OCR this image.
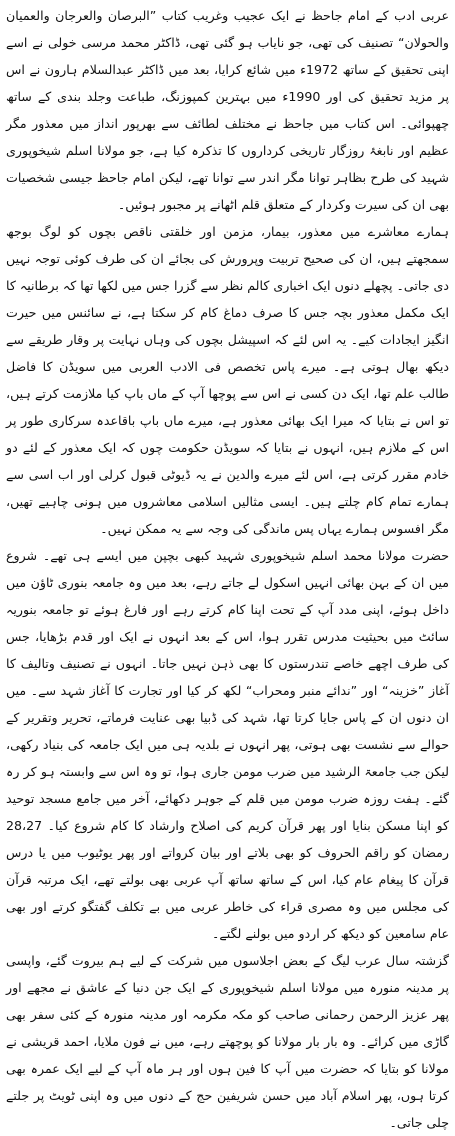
عربی ادب کے امام جاحظ نے ایک عجیب وغریب کتاب ”البرصان والعرجان والعمیان والحولان“ تصنیف کی تھی، جو نایاب ہو گئی تھی، ڈاکٹر محمد مرسی خولی نے اسے اپنی تحقیق کے ساتھ 1972ء میں شائع کرایا، بعد میں ڈاکٹر عبدالسلام ہارون نے اس پر مزید تحقیق کی اور 1990ء میں بہترین کمپوزنگ، طباعت وجلد بندی کے ساتھ چھپوائی۔ اس کتاب میں جاحظ نے مختلف لطائف سے بھرپور انداز میں معذور مگر عظیم اور نابغۂ روزگار تاریخی کرداروں کا تذکرہ کیا ہے، جو مولانا اسلم شیخوپوری شہید کی طرح بظاہر توانا مگر اندر سے توانا تھے، لیکن امام جاحظ جیسی شخصیات بھی ان کی سیرت وکردار کے متعلق قلم اٹھانے پر مجبور ہوئیں۔

ہمارے معاشرے میں معذور، بیمار، مزمن اور خلقتی ناقص بچوں کو لوگ بوجھ سمجھتے ہیں، ان کی صحیح تربیت وپرورش کی بجائے ان کی طرف کوئی توجہ نہیں دی جاتی۔ پچھلے دنوں ایک اخباری کالم نظر سے گزرا جس میں لکھا تھا کہ برطانیہ کا ایک مکمل معذور بچہ جس کا صرف دماغ کام کر سکتا ہے، نے سائنس میں حیرت انگیز ایجادات کیے۔ یہ اس لئے کہ اسپیشل بچوں کی وہاں نہایت پر وقار طریقے سے دیکھ بھال ہوتی ہے۔ میرے پاس تخصص فی الادب العربی میں سویڈن کا فاضل طالب علم تھا، ایک دن کسی نے اس سے پوچھا آپ کے ماں باپ کیا ملازمت کرتے ہیں، تو اس نے بتایا کہ میرا ایک بھائی معذور ہے، میرے ماں باپ باقاعدہ سرکاری طور پر اس کے ملازم ہیں، انہوں نے بتایا کہ سویڈن حکومت چوں کہ ایک معذور کے لئے دو خادم مقرر کرتی ہے، اس لئے میرے والدین نے یہ ڈیوٹی قبول کرلی اور اب اسی سے ہمارے تمام کام چلتے ہیں۔ ایسی مثالیں اسلامی معاشروں میں ہونی چاہیے تھیں، مگر افسوس ہمارے یہاں پس ماندگی کی وجہ سے یہ ممکن نہیں۔

حضرت مولانا محمد اسلم شیخوپوری شہید کبھی بچپن میں ایسے ہی تھے۔ شروع میں ان کے بہن بھائی انہیں اسکول لے جاتے رہے، بعد میں وہ جامعہ بنوری ٹاؤن میں داخل ہوئے، اپنی مدد آپ کے تحت اپنا کام کرتے رہے اور فارغ ہوئے تو جامعہ بنوریہ سائٹ میں بحیثیت مدرس تقرر ہوا، اس کے بعد انہوں نے ایک اور قدم بڑھایا، جس کی طرف اچھے خاصے تندرستوں کا بھی ذہن نہیں جاتا۔ انہوں نے تصنیف وتالیف کا آغاز ”خزینہ“ اور ”ندائے منبر ومحراب“ لکھ کر کیا اور تجارت کا آغاز شہد سے۔ میں ان دنوں ان کے پاس جایا کرتا تھا، شہد کی ڈبیا بھی عنایت فرماتے، تحریر وتقریر کے حوالے سے نشست بھی ہوتی، پھر انہوں نے بلدیہ ہی میں ایک جامعہ کی بنیاد رکھی، لیکن جب جامعۃ الرشید میں ضرب مومن جاری ہوا، تو وہ اس سے وابستہ ہو کر رہ گئے۔ ہفت روزہ ضرب مومن میں قلم کے جوہر دکھائے، آخر میں جامع مسجد توحید کو اپنا مسکن بنایا اور پھر قرآن کریم کی اصلاح وارشاد کا کام شروع کیا۔ 28،27 رمضان کو راقم الحروف کو بھی بلاتے اور بیان کرواتے اور پھر یوٹیوب میں یا درس قرآن کا پیغام عام کیا، اس کے ساتھ ساتھ آپ عربی بھی بولتے تھے، ایک مرتبہ قرآن کی مجلس میں وہ مصری قراء کی خاطر عربی میں بے تکلف گفتگو کرتے اور بھی عام سامعین کو دیکھ کر اردو میں بولنے لگتے۔

گزشتہ سال عرب لیگ کے بعض اجلاسوں میں شرکت کے لیے ہم بیروت گئے، واپسی پر مدینہ منورہ میں مولانا اسلم شیخوپوری کے ایک جن دنیا کے عاشق نے مجھے اور پھر عزیز الرحمن رحمانی صاحب کو مکہ مکرمہ اور مدینہ منورہ کے کئی سفر بھی گاڑی میں کرائے۔ وہ بار بار مولانا کو پوچھتے رہے، میں نے فون ملایا، احمد قریشی نے مولانا کو بتایا کہ حضرت میں آپ کا فین ہوں اور ہر ماہ آپ کے لیے ایک عمرہ بھی کرتا ہوں، پھر اسلام آباد میں حسن شریفین حج کے دنوں میں وہ اپنی ٹویٹ پر جلتے چلی جاتی۔
